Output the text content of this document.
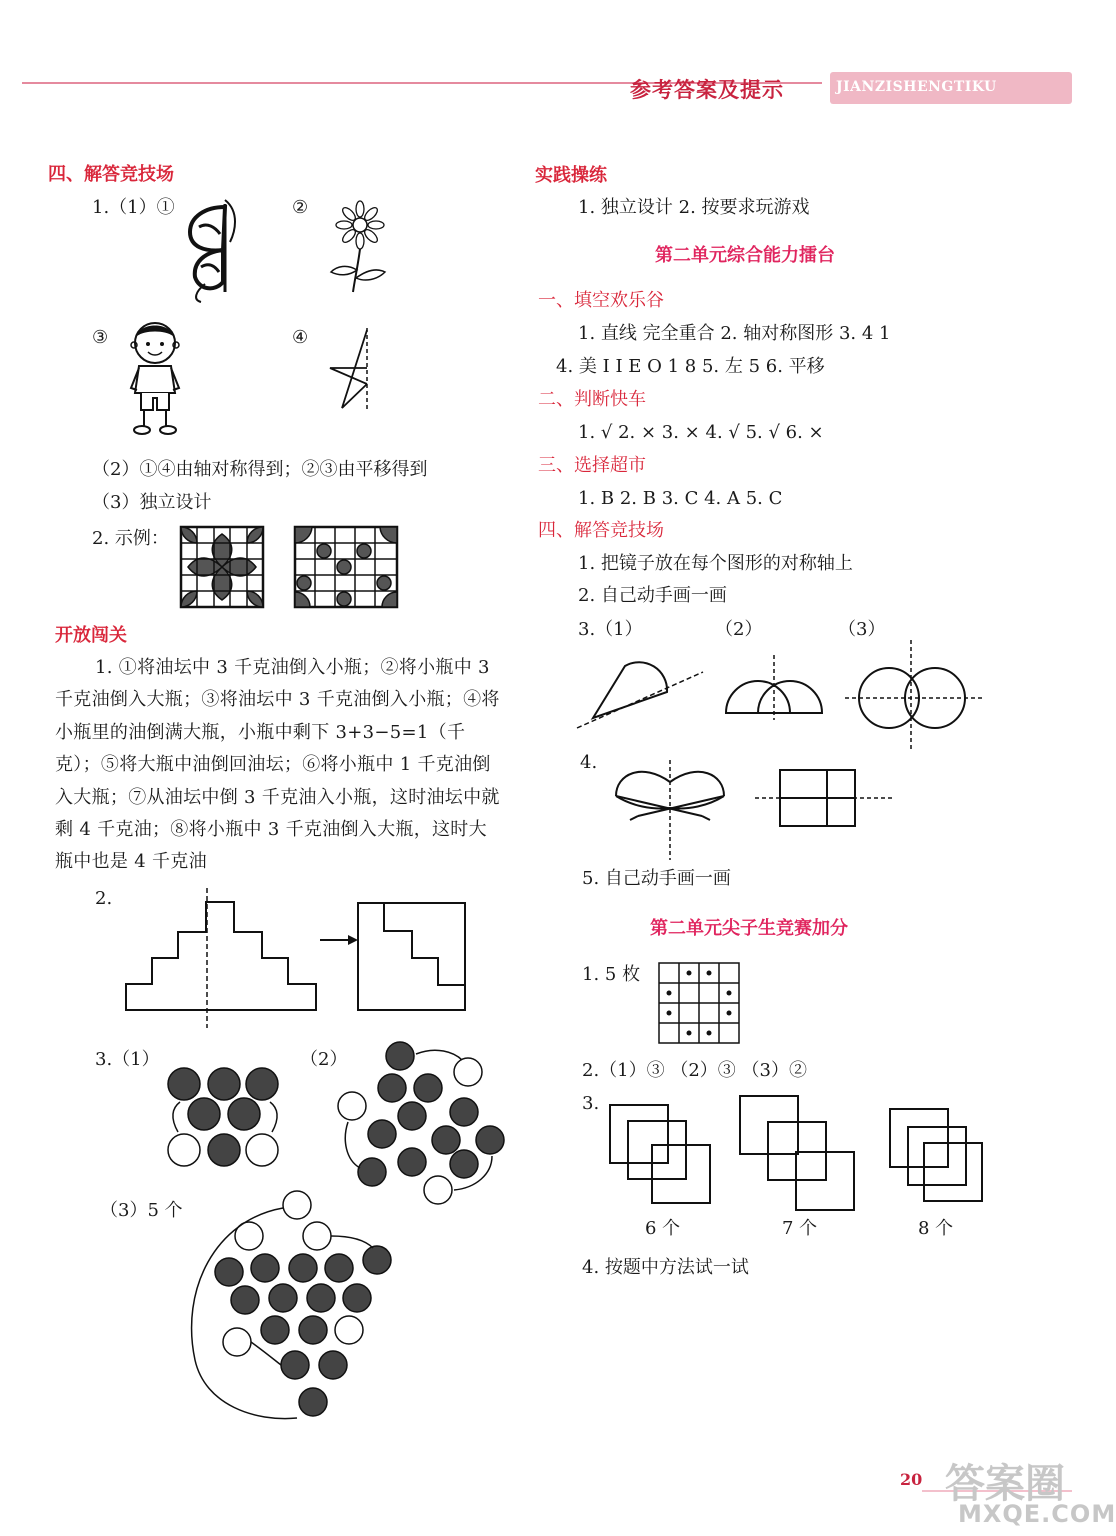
参考答案及提示	JIANZISHENGTIKU
四、解答竞技场
1.（1）①	②
③	④
（2）①④由轴对称得到；②③由平移得到
（3）独立设计
2. 示例：
开放闯关
1. ①将油坛中 3 千克油倒入小瓶；②将小瓶中 3 千克油倒入大瓶；③将油坛中 3 千克油倒入小瓶；④将小瓶里的油倒满大瓶，小瓶中剩下 3+3−5=1（千克）；⑤将大瓶中油倒回油坛；⑥将小瓶中 1 千克油倒入大瓶；⑦从油坛中倒 3 千克油入小瓶，这时油坛中就剩 4 千克油；⑧将小瓶中 3 千克油倒入大瓶，这时大瓶中也是 4 千克油
2.
3.（1）	（2）
（3）5 个
实践操练
1. 独立设计 2. 按要求玩游戏
第二单元综合能力擂台
一、填空欢乐谷
1. 直线 完全重合 2. 轴对称图形 3. 4 1
4. 美 I I E O 1 8 5. 左 5 6. 平移
二、判断快车
1. √ 2. × 3. × 4. √ 5. √ 6. ×
三、选择超市
1. B 2. B 3. C 4. A 5. C
四、解答竞技场
1. 把镜子放在每个图形的对称轴上
2. 自己动手画一画
3.（1）	（2）	（3）
4.
5. 自己动手画一画
第二单元尖子生竞赛加分
1. 5 枚
2.（1）③ （2）③ （3）②
3.
6 个	7 个	8 个
4. 按题中方法试一试
20 答案圈
MXQE.COM
